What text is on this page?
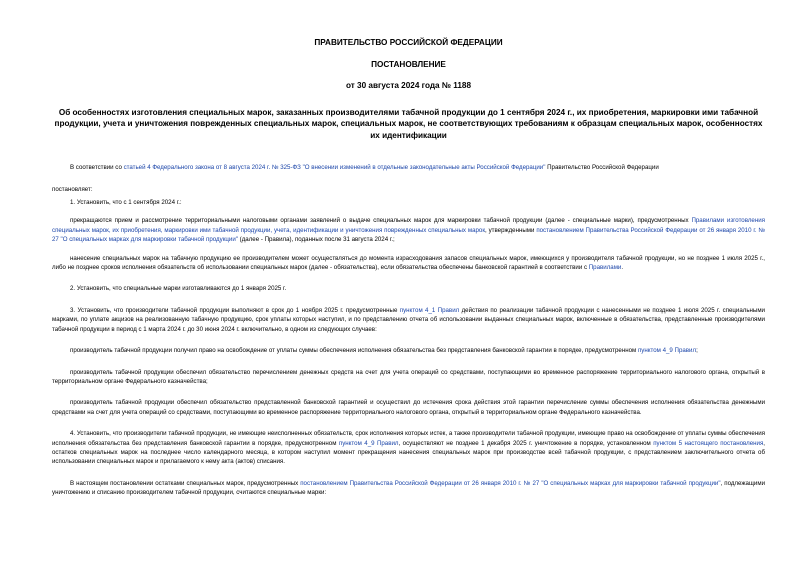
ПРАВИТЕЛЬСТВО РОССИЙСКОЙ ФЕДЕРАЦИИ
ПОСТАНОВЛЕНИЕ
от 30 августа 2024 года № 1188
Об особенностях изготовления специальных марок, заказанных производителями табачной продукции до 1 сентября 2024 г., их приобретения, маркировки ими табачной продукции, учета и уничтожения поврежденных специальных марок, специальных марок, не соответствующих требованиям к образцам специальных марок, особенностях их идентификации

В соответствии со статьей 4 Федерального закона от 8 августа 2024 г. № 325-ФЗ "О внесении изменений в отдельные законодательные акты Российской Федерации" Правительство Российской Федерации

постановляет:

1. Установить, что с 1 сентября 2024 г.:

прекращаются прием и рассмотрение территориальными налоговыми органами заявлений о выдаче специальных марок для маркировки табачной продукции (далее - специальные марки), предусмотренных Правилами изготовления специальных марок, их приобретения, маркировки ими табачной продукции, учета, идентификации и уничтожения поврежденных специальных марок, утвержденными постановлением Правительства Российской Федерации от 26 января 2010 г. № 27 "О специальных марках для маркировки табачной продукции" (далее - Правила), поданных после 31 августа 2024 г.;

нанесение специальных марок на табачную продукцию ее производителем может осуществляться до момента израсходования запасов специальных марок, имеющихся у производителя табачной продукции, но не позднее 1 июля 2025 г., либо не позднее сроков исполнения обязательств об использовании специальных марок (далее - обязательства), если обязательства обеспечены банковской гарантией в соответствии с Правилами.

2. Установить, что специальные марки изготавливаются до 1 января 2025 г.

3. Установить, что производители табачной продукции выполняют в срок до 1 ноября 2025 г. предусмотренные пунктом 4_1 Правил действия по реализации табачной продукции с нанесенными не позднее 1 июля 2025 г. специальными марками, по уплате акцизов на реализованную табачную продукцию, срок уплаты которых наступил, и по представлению отчета об использовании выданных специальных марок, включенные в обязательства, представленные производителями табачной продукции в период с 1 марта 2024 г. до 30 июня 2024 г. включительно, в одном из следующих случаев:

производитель табачной продукции получил право на освобождение от уплаты суммы обеспечения исполнения обязательства без представления банковской гарантии в порядке, предусмотренном пунктом 4_9 Правил;

производитель табачной продукции обеспечил обязательство перечислением денежных средств на счет для учета операций со средствами, поступающими во временное распоряжение территориального налогового органа, открытый в территориальном органе Федерального казначейства;

производитель табачной продукции обеспечил обязательство представленной банковской гарантией и осуществил до истечения срока действия этой гарантии перечисление суммы обеспечения исполнения обязательства денежными средствами на счет для учета операций со средствами, поступающими во временное распоряжение территориального налогового органа, открытый в территориальном органе Федерального казначейства.

4. Установить, что производители табачной продукции, не имеющие неисполненных обязательств, срок исполнения которых истек, а также производители табачной продукции, имеющие право на освобождение от уплаты суммы обеспечения исполнения обязательства без представления банковской гарантии в порядке, предусмотренном пунктом 4_9 Правил, осуществляют не позднее 1 декабря 2025 г. уничтожение в порядке, установленном пунктом 5 настоящего постановления, остатков специальных марок на последнее число календарного месяца, в котором наступил момент прекращения нанесения специальных марок при производстве всей табачной продукции, с представлением заключительного отчета об использовании специальных марок и прилагаемого к нему акта (актов) списания.

В настоящем постановлении остатками специальных марок, предусмотренных постановлением Правительства Российской Федерации от 26 января 2010 г. № 27 "О специальных марках для маркировки табачной продукции", подлежащими уничтожению и списанию производителем табачной продукции, считаются специальные марки:
